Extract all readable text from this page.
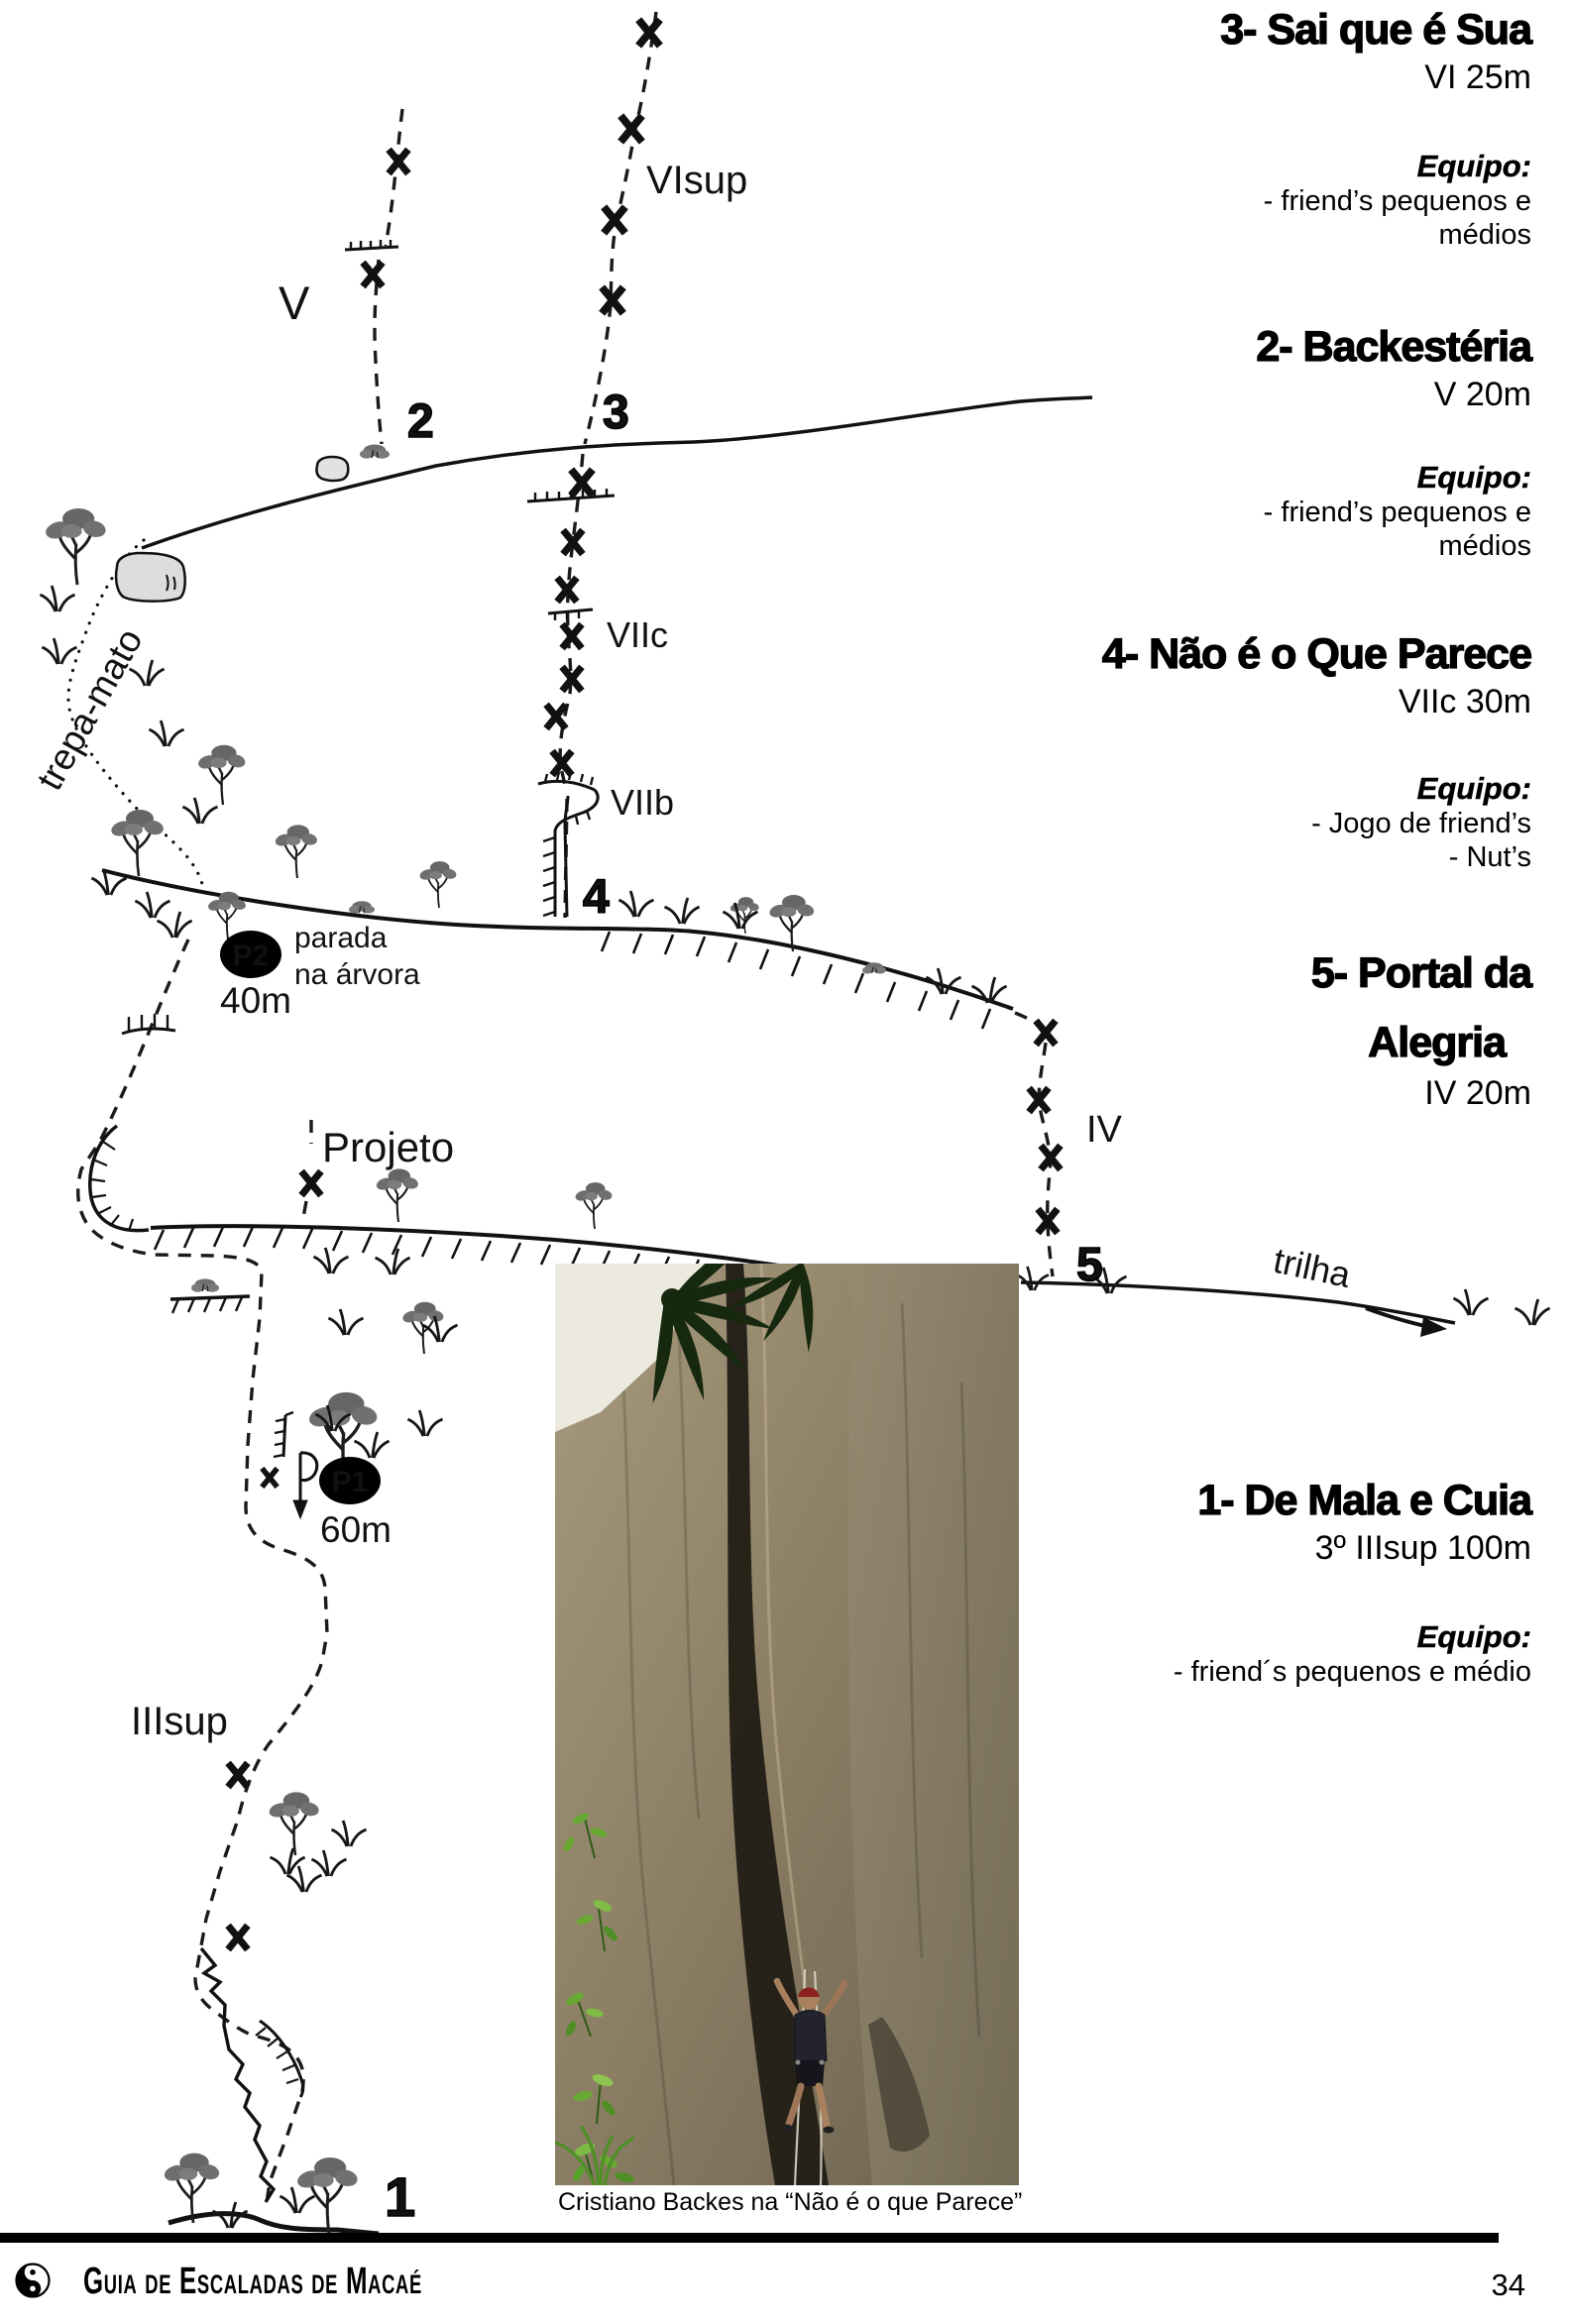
V
VIsup
2	3
VIIc
VIIb
4
trepa-mato
P2
parada
na árvora
40m
Projeto	IV
5	trilha
P1
60m
IIIsup
1
3- Sai que é Sua
VI 25m
Equipo:
- friend’s pequenos e
médios
2- Backestéria
V 20m
Equipo:
- friend’s pequenos e
médios
4- Não é o Que Parece
VIIc 30m
Equipo:
- Jogo de friend’s
- Nut’s
5- Portal da
Alegria
IV 20m
1- De Mala e Cuia
3º IIIsup 100m
Equipo:
- friend´s pequenos e médio
Cristiano Backes na “Não é o que Parece”
Guia de Escaladas de Macaé	34
